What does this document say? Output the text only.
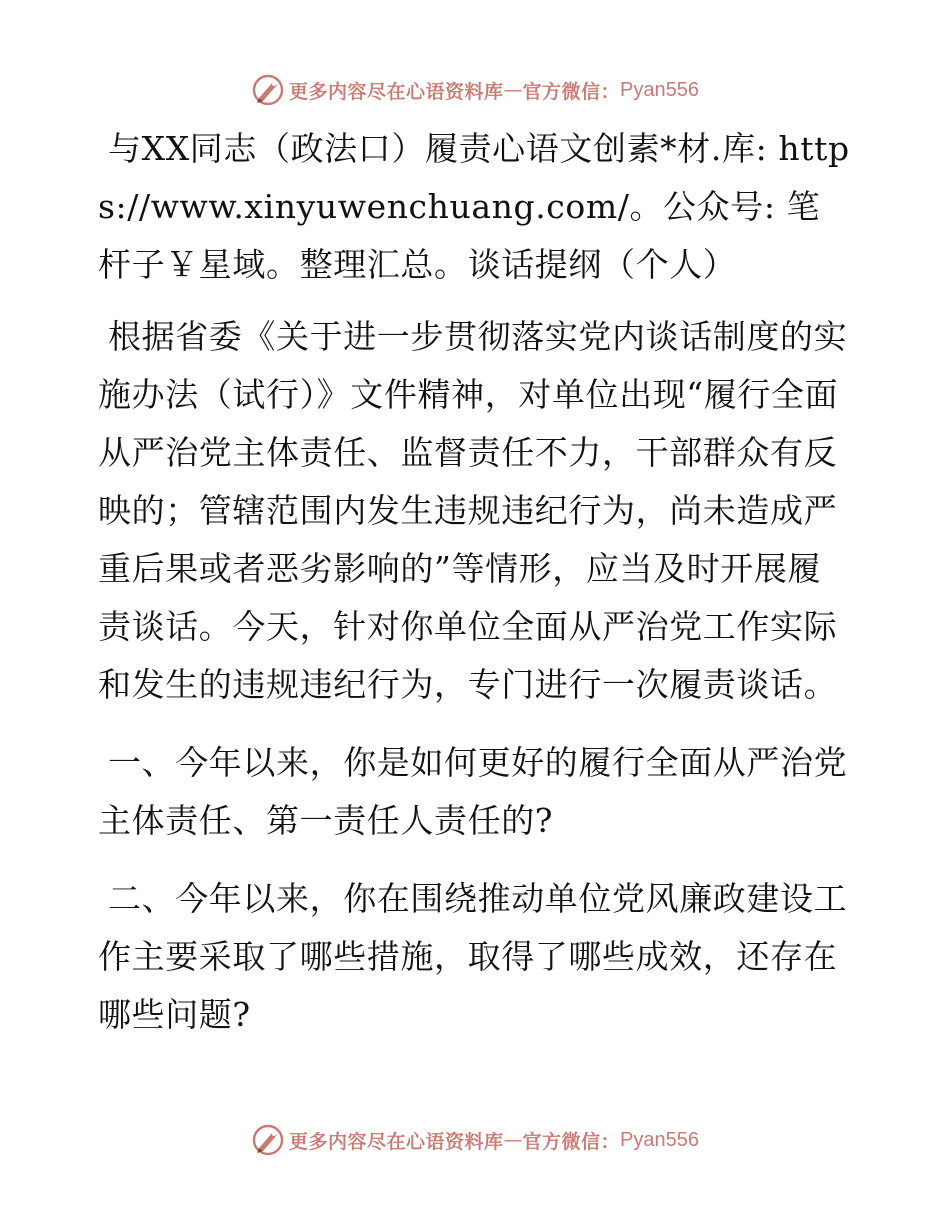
更多内容尽在心语资料库 — 官方微信： Pyan556

与XX同志（政法口）履责心语文创素*材.库: https://www.xinyuwenchuang.com/。公众号: 笔杆子￥星域。整理汇总。谈话提纲（个人）

根据省委《关于进一步贯彻落实党内谈话制度的实施办法（试行）》文件精神，对单位出现“履行全面从严治党主体责任、监督责任不力，干部群众有反映的；管辖范围内发生违规违纪行为，尚未造成严重后果或者恶劣影响的”等情形，应当及时开展履责谈话。今天，针对你单位全面从严治党工作实际和发生的违规违纪行为，专门进行一次履责谈话。

一、今年以来，你是如何更好的履行全面从严治党主体责任、第一责任人责任的?

二、今年以来，你在围绕推动单位党风廉政建设工作主要采取了哪些措施，取得了哪些成效，还存在哪些问题?

更多内容尽在心语资料库 — 官方微信： Pyan556
